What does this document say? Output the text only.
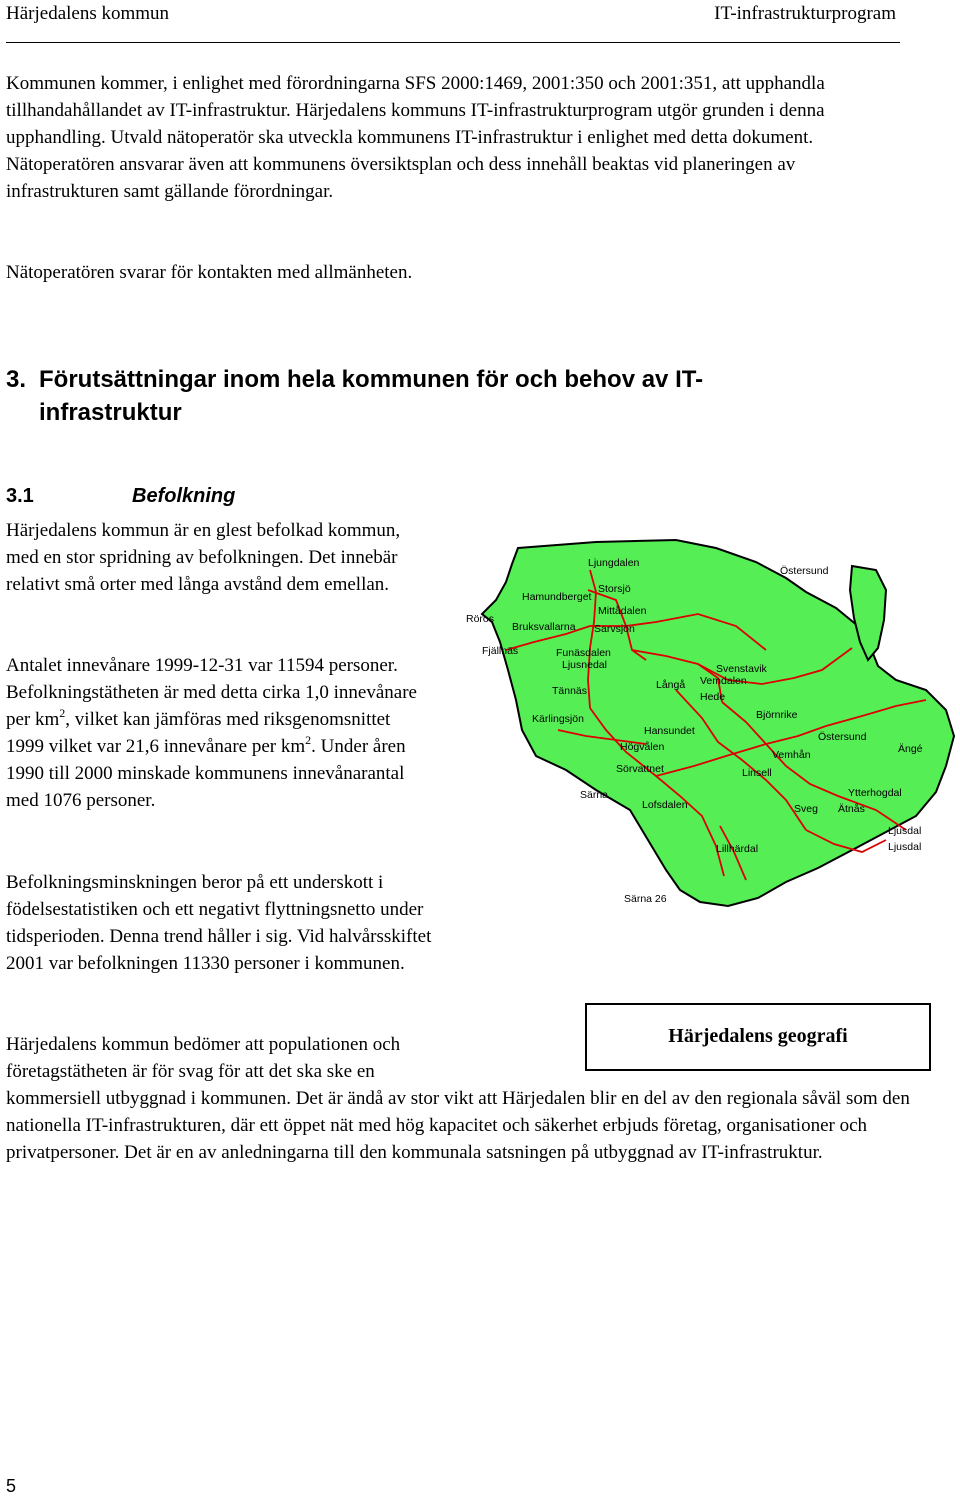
Härjedalens kommun	IT-infrastrukturprogram

Kommunen kommer, i enlighet med förordningarna SFS 2000:1469, 2001:350 och 2001:351, att upphandla tillhandahållandet av IT-infrastruktur. Härjedalens kommuns IT-infrastrukturprogram utgör grunden i denna upphandling. Utvald nätoperatör ska utveckla kommunens IT-infrastruktur i enlighet med detta dokument. Nätoperatören ansvarar även att kommunens översiktsplan och dess innehåll beaktas vid planeringen av infrastrukturen samt gällande förordningar.

Nätoperatören svarar för kontakten med allmänheten.

3. Förutsättningar inom hela kommunen för och behov av IT-
infrastruktur
3.1	Befolkning

Härjedalens kommun är en glest befolkad kommun, med en stor spridning av befolkningen. Det innebär relativt små orter med långa avstånd dem emellan.

Antalet innevånare 1999-12-31 var 11594 personer. Befolkningstätheten är med detta cirka 1,0 innevånare per $km^2$, vilket kan jämföras med riksgenomsnittet 1999 vilket var 21,6 innevånare per $km^2$. Under åren 1990 till 2000 minskade kommunens innevånarantal med 1076 personer.

Befolkningsminskningen beror på ett underskott i födelsestatistiken och ett negativt flyttningsnetto under tidsperioden. Denna trend håller i sig. Vid halvårsskiftet 2001 var befolkningen 11330 personer i kommunen.

Härjedalens kommun bedömer att populationen och
företagstätheten är för svag för att det ska ske en
kommersiell utbyggnad i kommunen. Det är ändå av stor vikt att Härjedalen blir en del av den regionala såväl som den nationella IT-infrastrukturen, där ett öppet nät med hög kapacitet och säkerhet erbjuds företag, organisationer och privatpersoner. Det är en av anledningarna till den kommunala satsningen på utbyggnad av IT-infrastruktur.

Ljungdalen
Östersund
Hamundberget
Storsjö
Röros
Mittådalen
Bruksvallarna Sarvsjön
Fjällnäs	Funäsdalen
Ljusnedal	Svenstavik
Vemdalen
Tännäs	Långå
Hede
Kärlingsjön	Björnrike
Hansundet	Östersund
Högvålen
Vemhån	Ängé
Sörvattnet	Linsell
Särna
Lofsdalen
Ytterhogdal
Sveg Ätnås
Ljusdal
Ljusdal
Lillhärdal
Särna 26
Härjedalens geografi
5
